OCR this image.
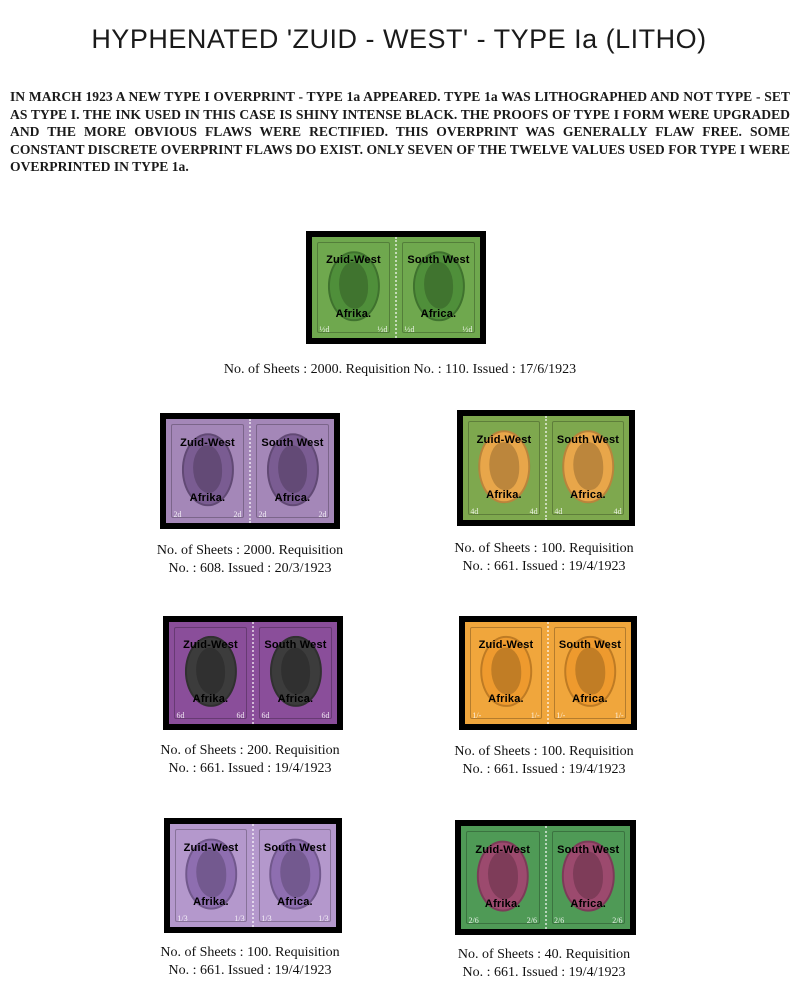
HYPHENATED 'ZUID - WEST' - TYPE Ia (LITHO)
IN MARCH 1923 A NEW TYPE I OVERPRINT - TYPE 1a APPEARED. TYPE 1a WAS LITHOGRAPHED AND NOT TYPE - SET AS TYPE I. THE INK USED IN THIS CASE IS SHINY INTENSE BLACK. THE PROOFS OF TYPE I FORM WERE UPGRADED AND THE MORE OBVIOUS FLAWS WERE RECTIFIED. THIS OVERPRINT WAS GENERALLY FLAW FREE. SOME CONSTANT DISCRETE OVERPRINT FLAWS DO EXIST. ONLY SEVEN OF THE TWELVE VALUES USED FOR TYPE I WERE OVERPRINTED IN TYPE 1a.
Zuid-West
Afrika.
½d	½d
South West
Africa.
½d	½d
No. of Sheets : 2000. Requisition No. : 110. Issued : 17/6/1923
Zuid-West
Afrika.
2d	2d
South West
Africa.
2d	2d
No. of Sheets : 2000. Requisition
No. : 608. Issued : 20/3/1923
Zuid-West
Afrika.
4d	4d
South West
Africa.
4d	4d
No. of Sheets : 100. Requisition
No. : 661. Issued : 19/4/1923
Zuid-West
Afrika.
6d	6d
South West
Africa.
6d	6d
No. of Sheets : 200. Requisition
No. : 661. Issued : 19/4/1923
Zuid-West
Afrika.
1/-	1/-
South West
Africa.
1/-	1/-
No. of Sheets : 100. Requisition
No. : 661. Issued : 19/4/1923
Zuid-West
Afrika.
1/3	1/3
South West
Africa.
1/3	1/3
No. of Sheets : 100. Requisition
No. : 661. Issued : 19/4/1923
Zuid-West
Afrika.
2/6	2/6
South West
Africa.
2/6	2/6
No. of Sheets : 40. Requisition
No. : 661. Issued : 19/4/1923
